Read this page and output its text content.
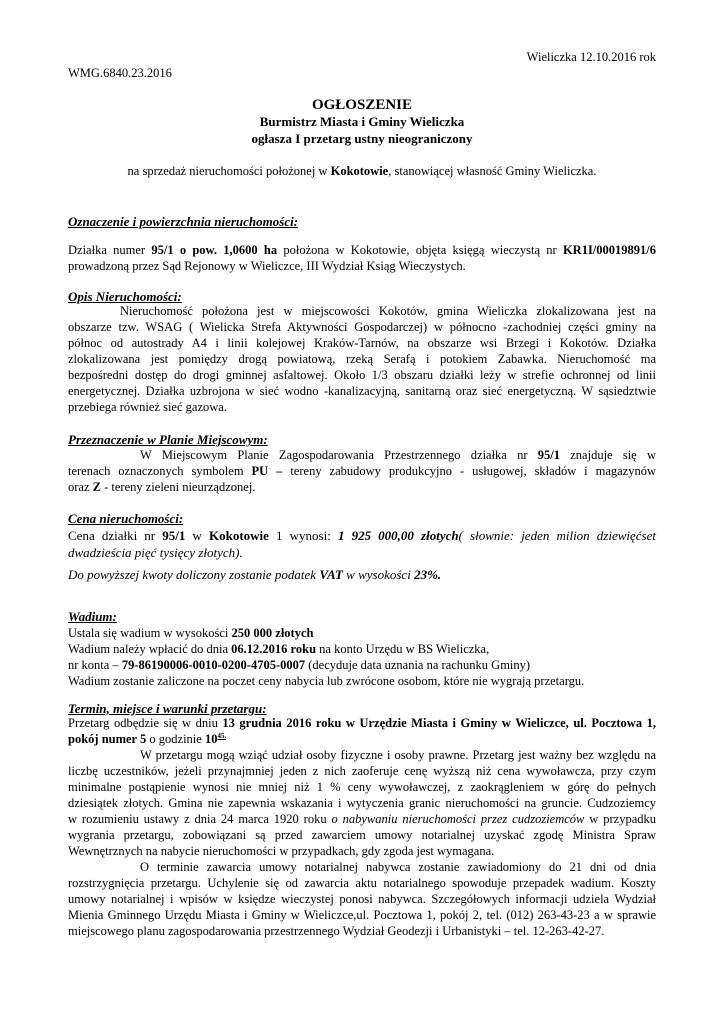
Wieliczka 12.10.2016 rok
WMG.6840.23.2016
OGŁOSZENIE
Burmistrz Miasta i Gminy Wieliczka
ogłasza I przetarg ustny nieograniczony
na sprzedaż nieruchomości położonej w Kokotowie, stanowiącej własność Gminy Wieliczka.
Oznaczenie i powierzchnia nieruchomości:
Działka numer 95/1 o pow. 1,0600 ha położona w Kokotowie, objęta księgą wieczystą nr KR1I/00019891/6
prowadzoną przez Sąd Rejonowy w Wieliczce, III Wydział Ksiąg Wieczystych.
Opis Nieruchomości:
Nieruchomość położona jest w miejscowości Kokotów, gmina Wieliczka zlokalizowana jest na
obszarze tzw. WSAG ( Wielicka Strefa Aktywności Gospodarczej) w północno -zachodniej części gminy na
północ od autostrady A4 i linii kolejowej Kraków-Tarnów, na obszarze wsi Brzegi i Kokotów. Działka
zlokalizowana jest pomiędzy drogą powiatową, rzeką Serafą i potokiem Zabawka. Nieruchomość ma
bezpośredni dostęp do drogi gminnej asfaltowej. Około 1/3 obszaru działki leży w strefie ochronnej od linii
energetycznej. Działka uzbrojona w sieć wodno -kanalizacyjną, sanitarną oraz sieć energetyczną. W sąsiedztwie
przebiega również sieć gazowa.
Przeznaczenie w Planie Miejscowym:
W Miejscowym Planie Zagospodarowania Przestrzennego działka nr 95/1 znajduje się w
terenach oznaczonych symbolem PU – tereny zabudowy produkcyjno - usługowej, składów i magazynów
oraz Z - tereny zieleni nieurządzonej.
Cena nieruchomości:
Cena działki nr 95/1 w Kokotowie 1 wynosi: 1 925 000,00 złotych( słownie: jeden milion dziewięćset
dwadzieścia pięć tysięcy złotych).
Do powyższej kwoty doliczony zostanie podatek VAT w wysokości 23%.
Wadium:
Ustala się wadium w wysokości 250 000 złotych
Wadium należy wpłacić do dnia 06.12.2016 roku na konto Urzędu w BS Wieliczka,
nr konta – 79-86190006-0010-0200-4705-0007 (decyduje data uznania na rachunku Gminy)
Wadium zostanie zaliczone na poczet ceny nabycia lub zwrócone osobom, które nie wygrają przetargu.
Termin, miejsce i warunki przetargu:
Przetarg odbędzie się w dniu 13 grudnia 2016 roku w Urzędzie Miasta i Gminy w Wieliczce, ul. Pocztowa 1,
pokój numer 5 o godzinie $10^{45.}$
W przetargu mogą wziąć udział osoby fizyczne i osoby prawne. Przetarg jest ważny bez względu na
liczbę uczestników, jeżeli przynajmniej jeden z nich zaoferuje cenę wyższą niż cena wywoławcza, przy czym
minimalne postąpienie wynosi nie mniej niż 1 % ceny wywoławczej, z zaokrągleniem w górę do pełnych
dziesiątek złotych. Gmina nie zapewnia wskazania i wytyczenia granic nieruchomości na gruncie. Cudzoziemcy
w rozumieniu ustawy z dnia 24 marca 1920 roku o nabywaniu nieruchomości przez cudzoziemców w przypadku
wygrania przetargu, zobowiązani są przed zawarciem umowy notarialnej uzyskać zgodę Ministra Spraw
Wewnętrznych na nabycie nieruchomości w przypadkach, gdy zgoda jest wymagana.
O terminie zawarcia umowy notarialnej nabywca zostanie zawiadomiony do 21 dni od dnia
rozstrzygnięcia przetargu. Uchylenie się od zawarcia aktu notarialnego spowoduje przepadek wadium. Koszty
umowy notarialnej i wpisów w księdze wieczystej ponosi nabywca. Szczegółowych informacji udziela Wydział
Mienia Gminnego Urzędu Miasta i Gminy w Wieliczce,ul. Pocztowa 1, pokój 2, tel. (012) 263-43-23 a w sprawie
miejscowego planu zagospodarowania przestrzennego Wydział Geodezji i Urbanistyki – tel. 12-263-42-27.
